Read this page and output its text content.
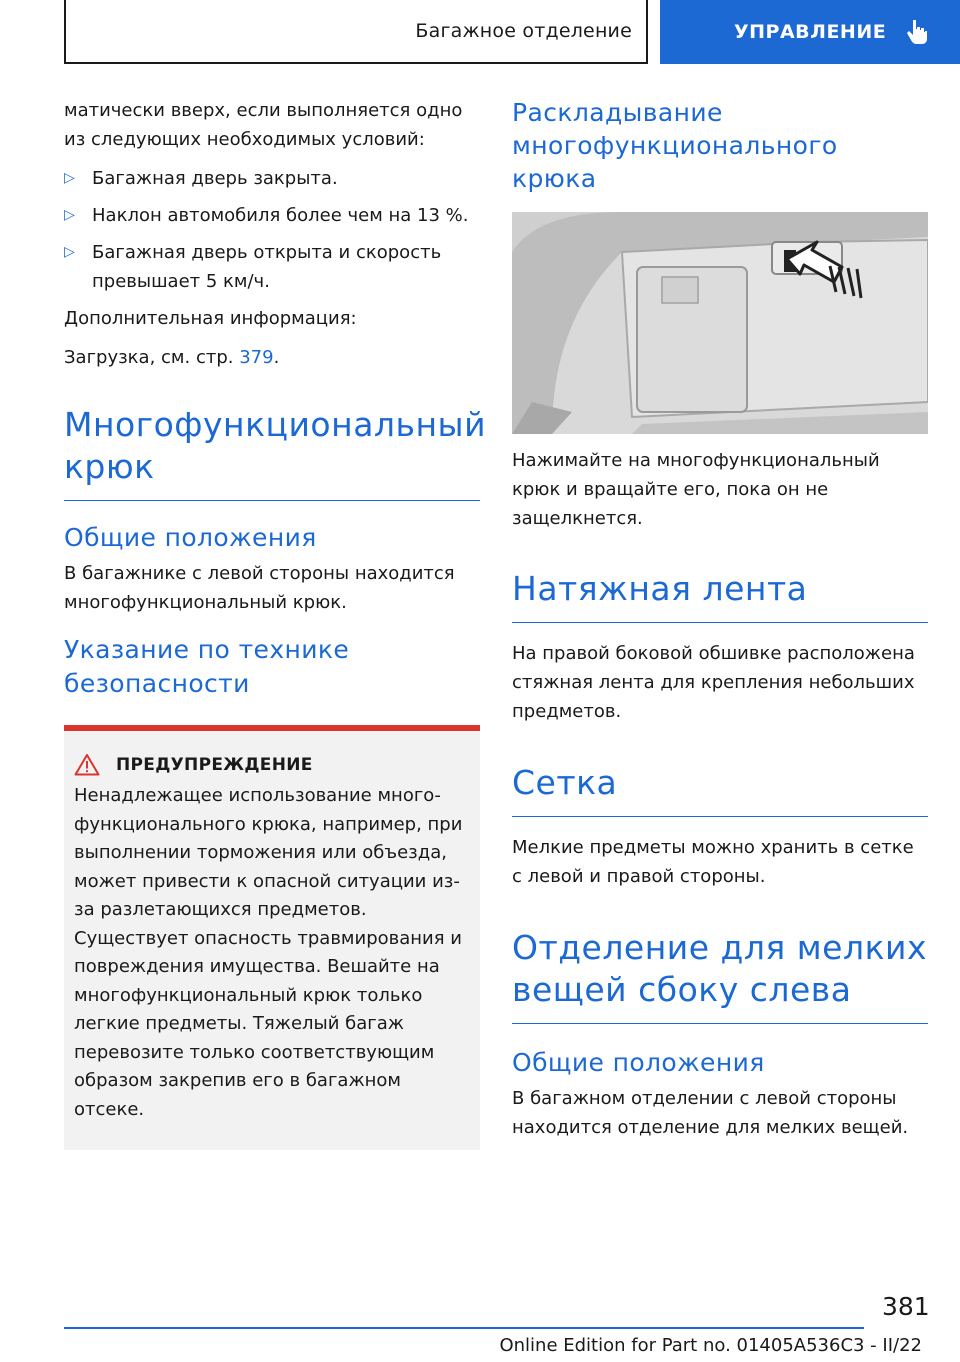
Багажное отделение	УПРАВЛЕНИЕ

матически вверх, если выполняется одно из следующих необходимых условий:

▷ Багажная дверь закрыта.

▷ Наклон автомобиля более чем на 13 %.

▷ Багажная дверь открыта и скорость превышает 5 км/ч.

Дополнительная информация:

Загрузка, см. стр. 379.

Многофункциональный крюк
Общие положения

В багажнике с левой стороны находится многофункциональный крюк.

Указание по технике безопасности
ПРЕДУПРЕЖДЕНИЕ

Ненадлежащее использование многофункционального крюка, например, при выполнении торможения или объезда, может привести к опасной ситуации из-за разлетающихся предметов. Существует опасность травмирования и повреждения имущества. Вешайте на многофункциональный крюк только легкие предметы. Тяжелый багаж перевозите только соответствующим образом закрепив его в багажном отсеке.

Раскладывание многофункционального крюка

Нажимайте на многофункциональный крюк и вращайте его, пока он не защелкнется.

Натяжная лента

На правой боковой обшивке расположена стяжная лента для крепления небольших предметов.

Сетка

Мелкие предметы можно хранить в сетке с левой и правой стороны.

Отделение для мелких вещей сбоку слева
Общие положения

В багажном отделении с левой стороны находится отделение для мелких вещей.

381
Online Edition for Part no. 01405A536C3 - II/22
